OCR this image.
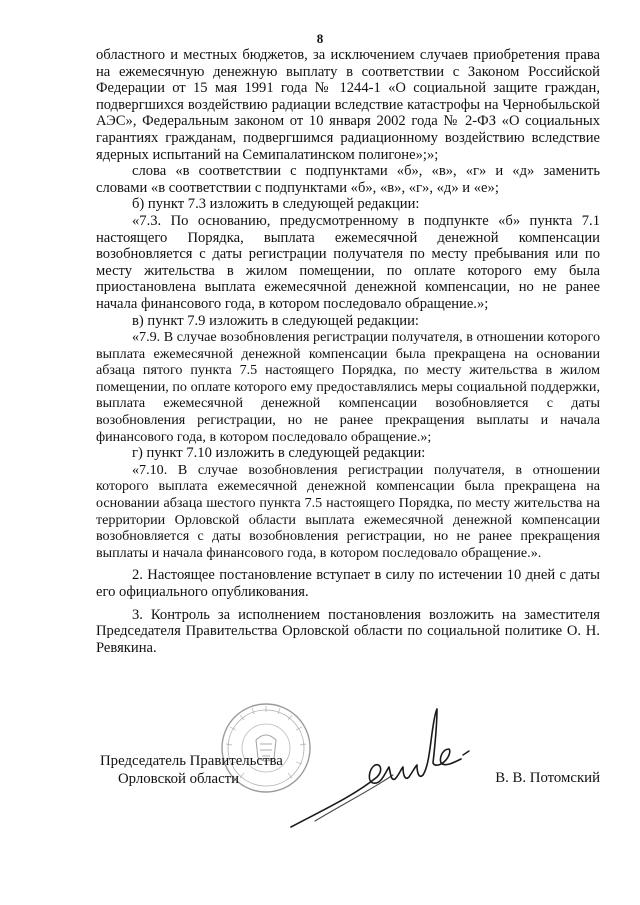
8

областного и местных бюджетов, за исключением случаев приобретения права на ежемесячную денежную выплату в соответствии с Законом Российской Федерации от 15 мая 1991 года № 1244-1 «О социальной защите граждан, подвергшихся воздействию радиации вследствие катастрофы на Чернобыльской АЭС», Федеральным законом от 10 января 2002 года № 2-ФЗ «О социальных гарантиях гражданам, подвергшимся радиационному воздействию вследствие ядерных испытаний на Семипалатинском полигоне»;»;

слова «в соответствии с подпунктами «б», «в», «г» и «д» заменить словами «в соответствии с подпунктами «б», «в», «г», «д» и «е»;

б) пункт 7.3 изложить в следующей редакции:

«7.3. По основанию, предусмотренному в подпункте «б» пункта 7.1 настоящего Порядка, выплата ежемесячной денежной компенсации возобновляется с даты регистрации получателя по месту пребывания или по месту жительства в жилом помещении, по оплате которого ему была приостановлена выплата ежемесячной денежной компенсации, но не ранее начала финансового года, в котором последовало обращение.»;

в) пункт 7.9 изложить в следующей редакции:

«7.9. В случае возобновления регистрации получателя, в отношении которого выплата ежемесячной денежной компенсации была прекращена на основании абзаца пятого пункта 7.5 настоящего Порядка, по месту жительства в жилом помещении, по оплате которого ему предоставлялись меры социальной поддержки, выплата ежемесячной денежной компенсации возобновляется с даты возобновления регистрации, но не ранее прекращения выплаты и начала финансового года, в котором последовало обращение.»;

г) пункт 7.10 изложить в следующей редакции:

«7.10. В случае возобновления регистрации получателя, в отношении которого выплата ежемесячной денежной компенсации была прекращена на основании абзаца шестого пункта 7.5 настоящего Порядка, по месту жительства на территории Орловской области выплата ежемесячной денежной компенсации возобновляется с даты возобновления регистрации, но не ранее прекращения выплаты и начала финансового года, в котором последовало обращение.».

2. Настоящее постановление вступает в силу по истечении 10 дней с даты его официального опубликования.

3. Контроль за исполнением постановления возложить на заместителя Председателя Правительства Орловской области по социальной политике О. Н. Ревякина.

Председатель Правительства
Орловской области	В. В. Потомский
